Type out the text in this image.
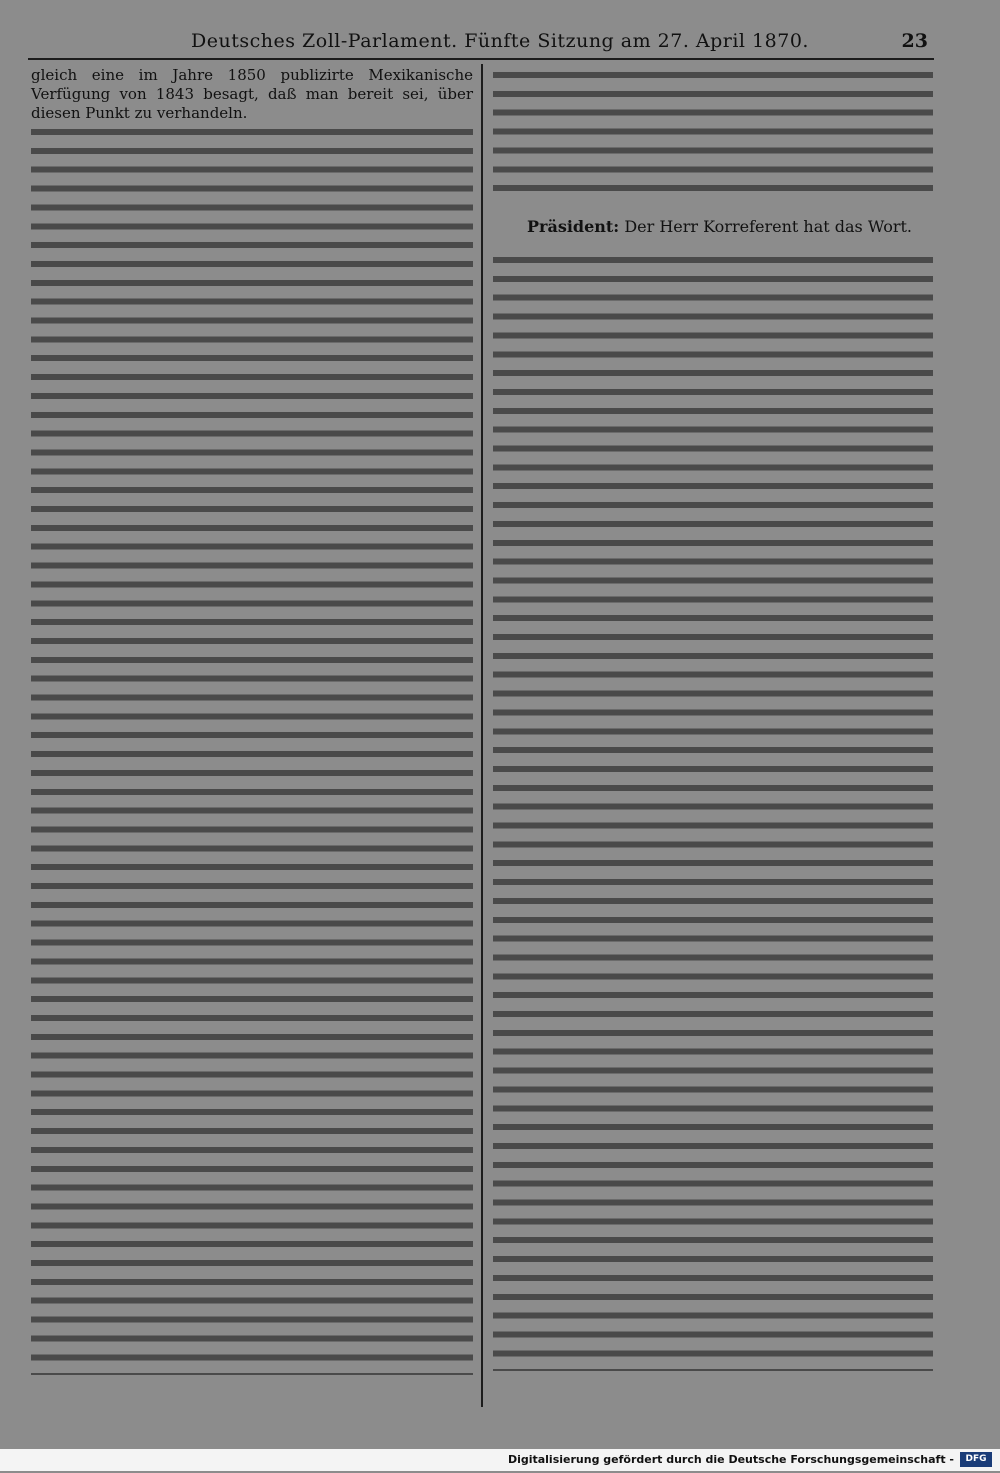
Deutsches Zoll-Parlament. Fünfte Sitzung am 27. April 1870.	23

gleich eine im Jahre 1850 publizirte Mexikanische Verfügung von 1843 besagt, daß man bereit sei, über diesen Punkt zu verhandeln.

Präsident: Der Herr Korreferent hat das Wort.
Digitalisierung gefördert durch die Deutsche Forschungsgemeinschaft -	DFG
